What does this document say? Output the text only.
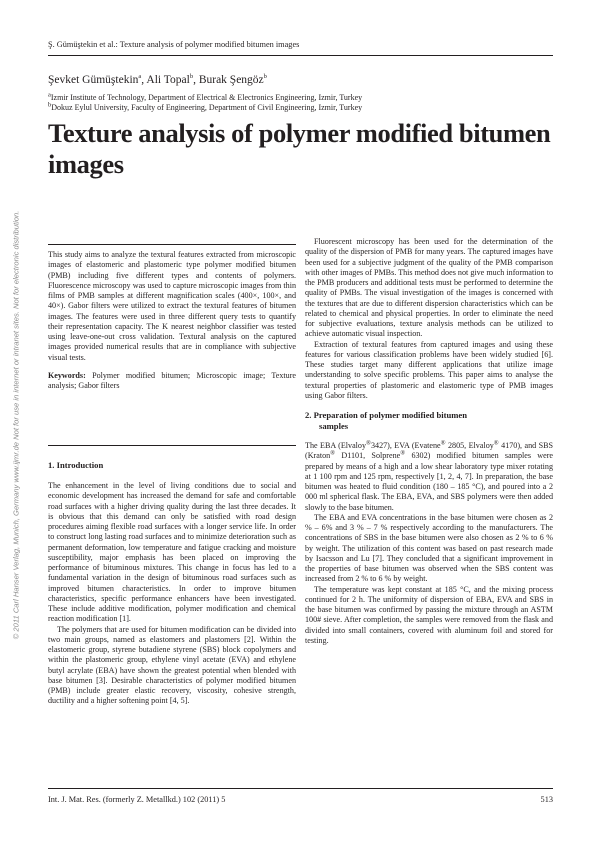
Ş. Gümüştekin et al.: Texture analysis of polymer modified bitumen images
Şevket Gümüştekin$^a$, Ali Topal$^b$, Burak Şengöz$^b$
$^a$Izmir Institute of Technology, Department of Electrical & Electronics Engineering, Izmir, Turkey
$^b$Dokuz Eylul University, Faculty of Engineering, Department of Civil Engineering, Izmir, Turkey
Texture analysis of polymer modified bitumen images
© 2011 Carl Hanser Verlag, Munich, Germany www.ijmr.de Not for use in internet or intranet sites. Not for electronic distribution.	This study aims to analyze the textural features extracted from microscopic images of elastomeric and plastomeric type polymer modified bitumen (PMB) including five different types and contents of polymers. Fluorescence microscopy was used to capture microscopic images from thin films of PMB samples at different magnification scales (400×, 100×, and 40×). Gabor filters were utilized to extract the textural features of bitumen images. The features were used in three different query tests to quantify their representation capacity. The K nearest neighbor classifier was tested using leave-one-out cross validation. Textural analysis on the captured images provided numerical results that are in compliance with subjective visual tests.

Keywords: Polymer modified bitumen; Microscopic image; Texture analysis; Gabor filters

1. Introduction

The enhancement in the level of living conditions due to social and economic development has increased the demand for safe and comfortable road surfaces with a higher driving quality during the last three decades. It is obvious that this demand can only be satisfied with road design procedures aiming flexible road surfaces with a longer service life. In order to construct long lasting road surfaces and to minimize deterioration such as permanent deformation, low temperature and fatigue cracking and moisture susceptibility, major emphasis has been placed on improving the performance of bituminous mixtures. This change in focus has led to a fundamental variation in the design of bituminous road surfaces such as improved bitumen characteristics. In order to improve bitumen characteristics, specific performance enhancers have been investigated. These include additive modification, polymer modification and chemical reaction modification [1].

The polymers that are used for bitumen modification can be divided into two main groups, named as elastomers and plastomers [2]. Within the elastomeric group, styrene butadiene styrene (SBS) block copolymers and within the plastomeric group, ethylene vinyl acetate (EVA) and ethylene butyl acrylate (EBA) have shown the greatest potential when blended with base bitumen [3]. Desirable characteristics of polymer modified bitumen (PMB) include greater elastic recovery, viscosity, cohesive strength, ductility and a higher softening point [4, 5].

Fluorescent microscopy has been used for the determination of the quality of the dispersion of PMB for many years. The captured images have been used for a subjective judgment of the quality of the PMB comparison with other images of PMBs. This method does not give much information to the PMB producers and additional tests must be performed to determine the quality of PMBs. The visual investigation of the images is concerned with the textures that are due to different dispersion characteristics which can be related to chemical and physical properties. In order to eliminate the need for subjective evaluations, texture analysis methods can be utilized to achieve automatic visual inspection.

Extraction of textural features from captured images and using these features for various classification problems have been widely studied [6]. These studies target many different applications that utilize image understanding to solve specific problems. This paper aims to analyse the textural properties of plastomeric and elastomeric type of PMB images using Gabor filters.

2. Preparation of polymer modified bitumen
samples

The EBA (Elvaloy®3427), EVA (Evatene® 2805, Elvaloy® 4170), and SBS (Kraton® D1101, Solprene® 6302) modified bitumen samples were prepared by means of a high and a low shear laboratory type mixer rotating at 1 100 rpm and 125 rpm, respectively [1, 2, 4, 7]. In preparation, the base bitumen was heated to fluid condition (180 – 185 °C), and poured into a 2 000 ml spherical flask. The EBA, EVA, and SBS polymers were then added slowly to the base bitumen.

The EBA and EVA concentrations in the base bitumen were chosen as 2 % – 6% and 3 % – 7 % respectively according to the manufacturers. The concentrations of SBS in the base bitumen were also chosen as 2 % to 6 % by weight. The utilization of this content was based on past research made by Isacsson and Lu [7]. They concluded that a significant improvement in the properties of base bitumen was observed when the SBS content was increased from 2 % to 6 % by weight.

The temperature was kept constant at 185 °C, and the mixing process continued for 2 h. The uniformity of dispersion of EBA, EVA and SBS in the base bitumen was confirmed by passing the mixture through an ASTM 100# sieve. After completion, the samples were removed from the flask and divided into small containers, covered with aluminum foil and stored for testing.

Int. J. Mat. Res. (formerly Z. Metallkd.) 102 (2011) 5	513
